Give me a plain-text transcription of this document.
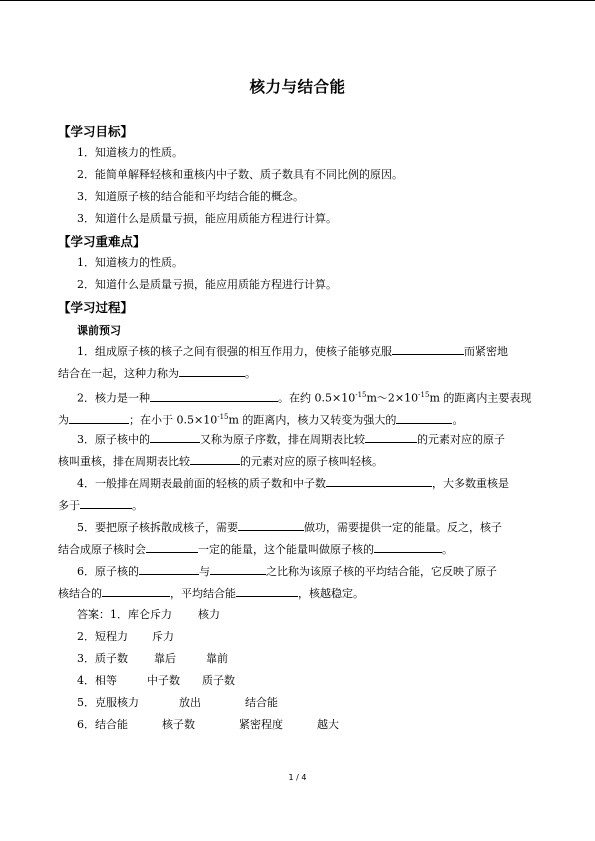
核力与结合能
【学习目标】
1．知道核力的性质。
2．能简单解释轻核和重核内中子数、质子数具有不同比例的原因。
3．知道原子核的结合能和平均结合能的概念。
3．知道什么是质量亏损，能应用质能方程进行计算。
【学习重难点】
1．知道核力的性质。
2．知道什么是质量亏损，能应用质能方程进行计算。
【学习过程】
课前预习
1．组成原子核的核子之间有很强的相互作用力，使核子能够克服	而紧密地
结合在一起，这种力称为	。
2．核力是一种	。在约 $0.5\times 10^{-15}m\sim 2\times 10^{-15}m$ 的距离内主要表现
为	；在小于 $0.5\times 10^{-15}m$ 的距离内，核力又转变为强大的	。
3．原子核中的	又称为原子序数，排在周期表比较	的元素对应的原子
核叫重核，排在周期表比较	的元素对应的原子核叫轻核。
4．一般排在周期表最前面的轻核的质子数和中子数	，大多数重核是
多于	。
5．要把原子核拆散成核子，需要	做功，需要提供一定的能量。反之，核子
结合成原子核时会	一定的能量，这个能量叫做原子核的	。
6．原子核的	与	之比称为该原子核的平均结合能，它反映了原子
核结合的	，平均结合能	，核越稳定。
答案：1．库仑斥力 核力
2．短程力 斥力
3．质子数 靠后	靠前
4．相等	中子数 质子数
5．克服核力	放出	结合能
6．结合能	核子数	紧密程度	越大
1 / 4
